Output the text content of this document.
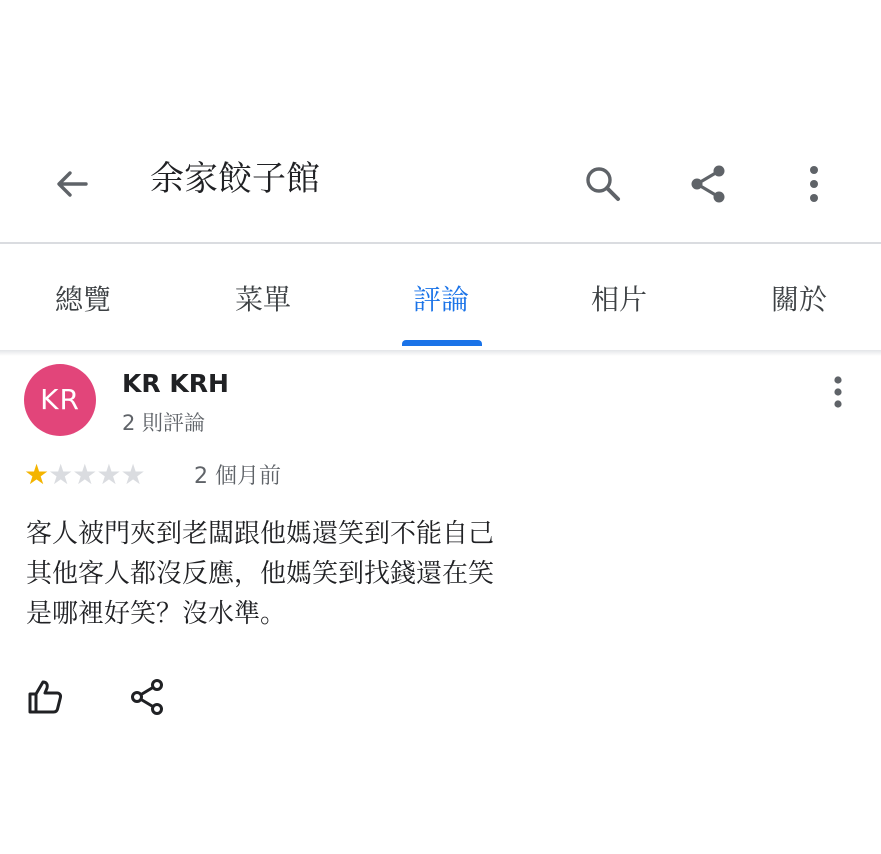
余家餃子館
總覽	菜單	評論	相片	關於
KR	KR KRH
2 則評論
★ ★ ★ ★ ★ 2 個月前
客人被門夾到老闆跟他媽還笑到不能自己
其他客人都沒反應，他媽笑到找錢還在笑
是哪裡好笑？沒水準。
